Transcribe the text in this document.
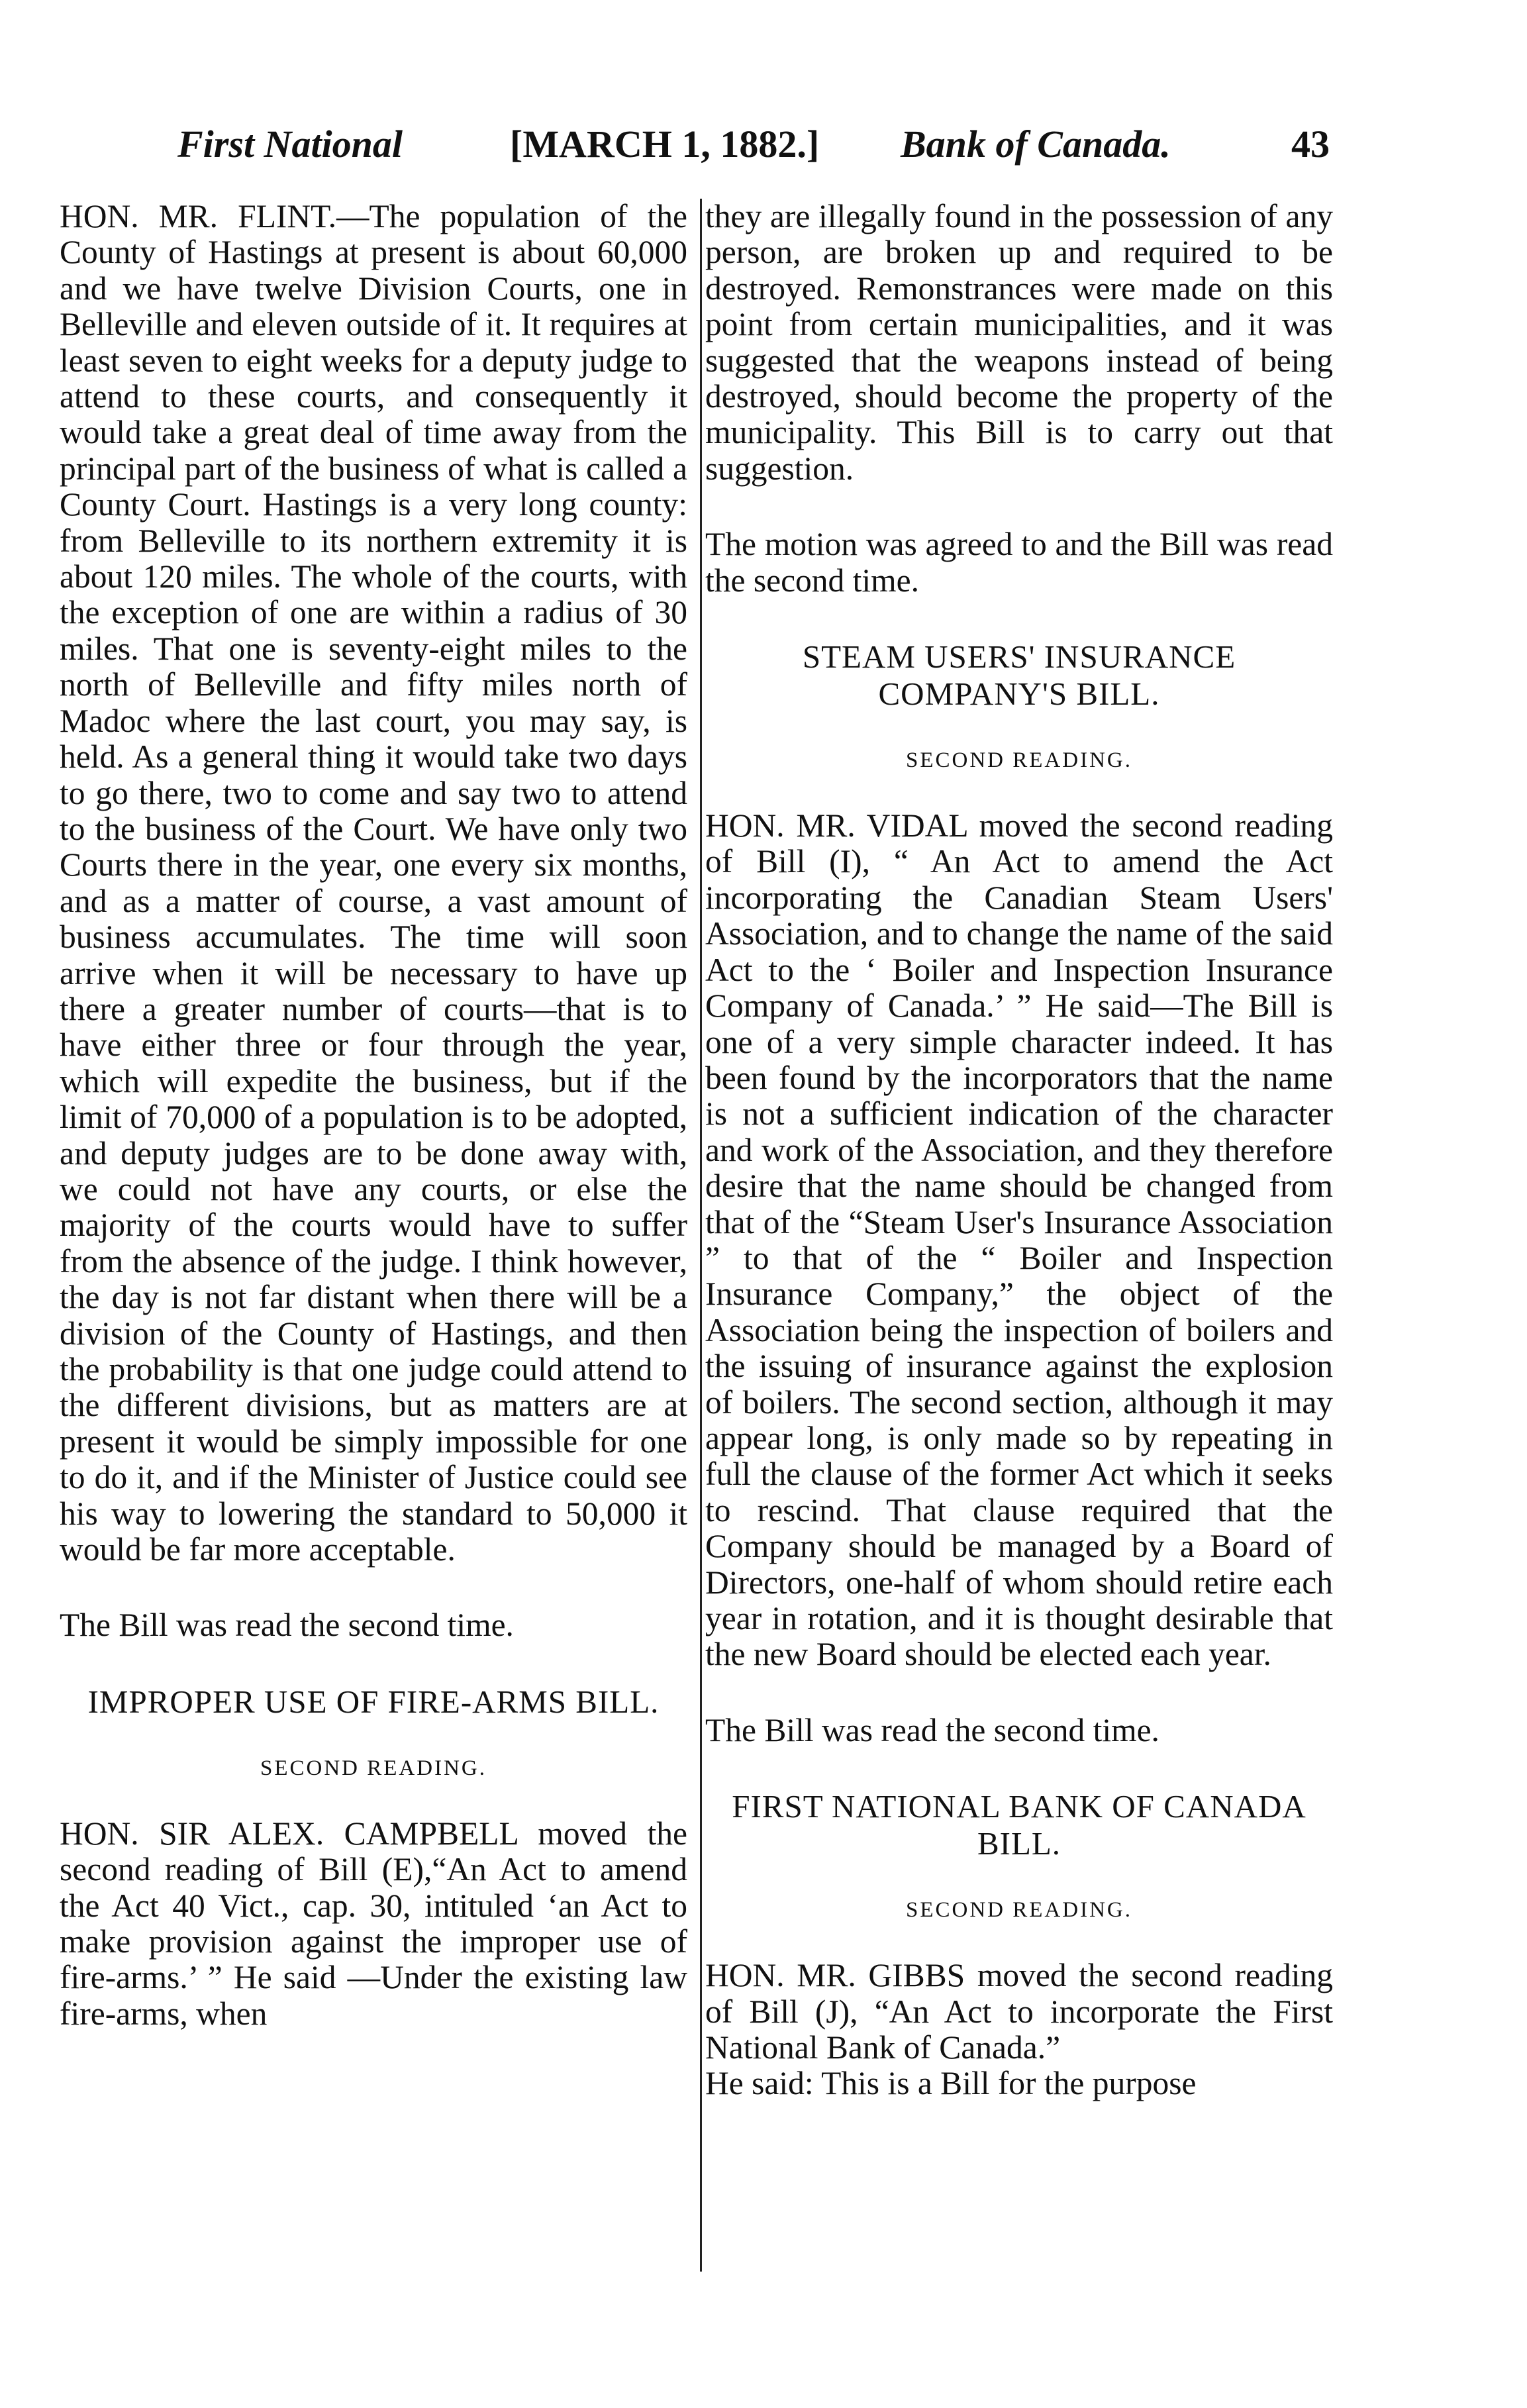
First National	[MARCH 1, 1882.] Bank of Canada.	43

HON. MR. FLINT.—The population of the County of Hastings at present is about 60,000 and we have twelve Division Courts, one in Belleville and eleven outside of it. It requires at least seven to eight weeks for a deputy judge to attend to these courts, and consequently it would take a great deal of time away from the principal part of the business of what is called a County Court. Hastings is a very long county: from Belleville to its northern extremity it is about 120 miles. The whole of the courts, with the exception of one are within a radius of 30 miles. That one is seventy-eight miles to the north of Belleville and fifty miles north of Madoc where the last court, you may say, is held. As a general thing it would take two days to go there, two to come and say two to attend to the business of the Court. We have only two Courts there in the year, one every six months, and as a matter of course, a vast amount of business accumulates. The time will soon arrive when it will be necessary to have up there a greater number of courts—that is to have either three or four through the year, which will expedite the business, but if the limit of 70,000 of a population is to be adopted, and deputy judges are to be done away with, we could not have any courts, or else the majority of the courts would have to suffer from the absence of the judge. I think however, the day is not far distant when there will be a division of the County of Hastings, and then the probability is that one judge could attend to the different divisions, but as matters are at present it would be simply impossible for one to do it, and if the Minister of Justice could see his way to lowering the standard to 50,000 it would be far more acceptable.

The Bill was read the second time.

IMPROPER USE OF FIRE-ARMS BILL.

SECOND READING.

HON. SIR ALEX. CAMPBELL moved the second reading of Bill (E),“An Act to amend the Act 40 Vict., cap. 30, intituled ‘an Act to make provision against the improper use of fire-arms.’ ” He said —Under the existing law fire-arms, when

they are illegally found in the possession of any person, are broken up and required to be destroyed. Remonstrances were made on this point from certain municipalities, and it was suggested that the weapons instead of being destroyed, should become the property of the municipality. This Bill is to carry out that suggestion.

The motion was agreed to and the Bill was read the second time.

STEAM USERS' INSURANCE COMPANY'S BILL.

SECOND READING.

HON. MR. VIDAL moved the second reading of Bill (I), “ An Act to amend the Act incorporating the Canadian Steam Users' Association, and to change the name of the said Act to the ‘ Boiler and Inspection Insurance Company of Canada.’ ” He said—The Bill is one of a very simple character indeed. It has been found by the incorporators that the name is not a sufficient indication of the character and work of the Association, and they therefore desire that the name should be changed from that of the “Steam User's Insurance Association ” to that of the “ Boiler and Inspection Insurance Company,” the object of the Association being the inspection of boilers and the issuing of insurance against the explosion of boilers. The second section, although it may appear long, is only made so by repeating in full the clause of the former Act which it seeks to rescind. That clause required that the Company should be managed by a Board of Directors, one-half of whom should retire each year in rotation, and it is thought desirable that the new Board should be elected each year.

The Bill was read the second time.

FIRST NATIONAL BANK OF CANADA BILL.

SECOND READING.

HON. MR. GIBBS moved the second reading of Bill (J), “An Act to incorporate the First National Bank of Canada.”

He said: This is a Bill for the purpose
